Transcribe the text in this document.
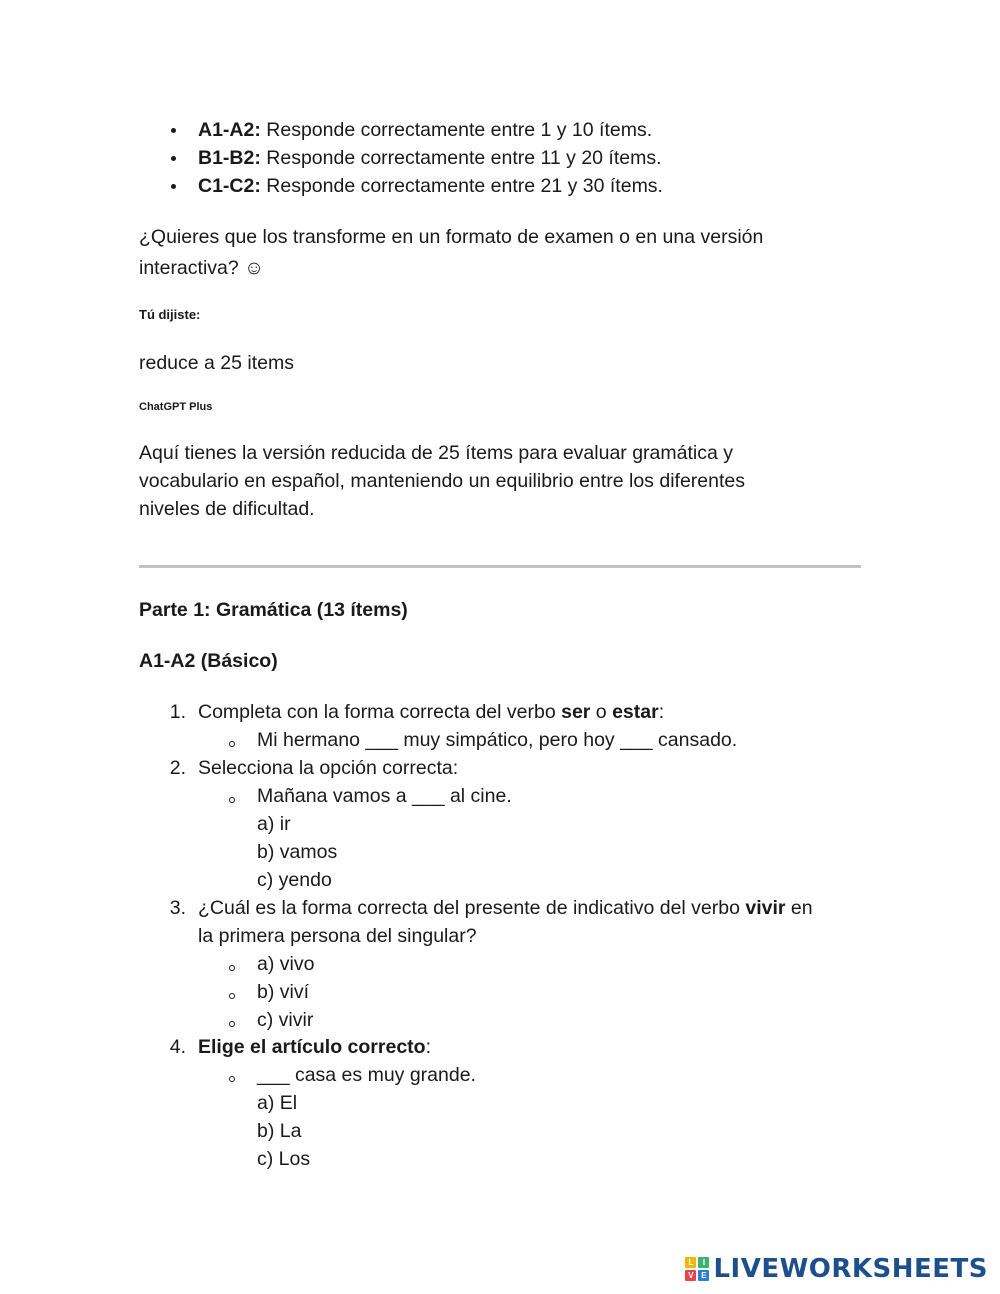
A1-A2: Responde correctamente entre 1 y 10 ítems.
B1-B2: Responde correctamente entre 11 y 20 ítems.
C1-C2: Responde correctamente entre 21 y 30 ítems.
¿Quieres que los transforme en un formato de examen o en una versión
interactiva? ☺
Tú dijiste:
reduce a 25 items
ChatGPT Plus
Aquí tienes la versión reducida de 25 ítems para evaluar gramática y
vocabulario en español, manteniendo un equilibrio entre los diferentes
niveles de dificultad.
Parte 1: Gramática (13 ítems)
A1-A2 (Básico)
1. Completa con la forma correcta del verbo ser o estar:
Mi hermano ___ muy simpático, pero hoy ___ cansado.
2. Selecciona la opción correcta:
Mañana vamos a ___ al cine.
a) ir
b) vamos
c) yendo
3. ¿Cuál es la forma correcta del presente de indicativo del verbo vivir en
la primera persona del singular?
a) vivo
b) viví
c) vivir
4. Elige el artículo correcto:
___ casa es muy grande.
a) El
b) La
c) Los
L	I
V E LIVEWORKSHEETS
